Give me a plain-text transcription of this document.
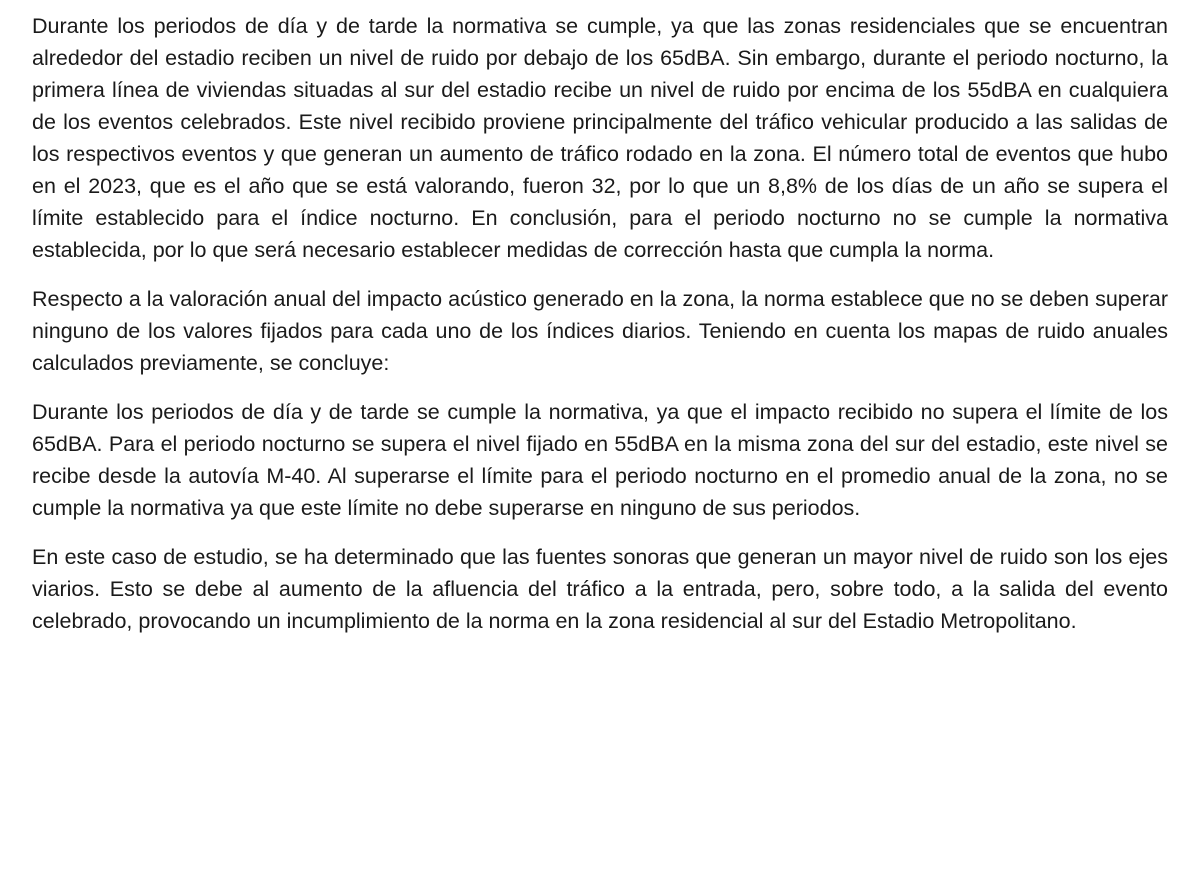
Durante los periodos de día y de tarde la normativa se cumple, ya que las zonas residenciales que se encuentran alrededor del estadio reciben un nivel de ruido por debajo de los 65dBA. Sin embargo, durante el periodo nocturno, la primera línea de viviendas situadas al sur del estadio recibe un nivel de ruido por encima de los 55dBA en cualquiera de los eventos celebrados. Este nivel recibido proviene principalmente del tráfico vehicular producido a las salidas de los respectivos eventos y que generan un aumento de tráfico rodado en la zona. El número total de eventos que hubo en el 2023, que es el año que se está valorando, fueron 32, por lo que un 8,8% de los días de un año se supera el límite establecido para el índice nocturno. En conclusión, para el periodo nocturno no se cumple la normativa establecida, por lo que será necesario establecer medidas de corrección hasta que cumpla la norma.

Respecto a la valoración anual del impacto acústico generado en la zona, la norma establece que no se deben superar ninguno de los valores fijados para cada uno de los índices diarios. Teniendo en cuenta los mapas de ruido anuales calculados previamente, se concluye:

Durante los periodos de día y de tarde se cumple la normativa, ya que el impacto recibido no supera el límite de los 65dBA. Para el periodo nocturno se supera el nivel fijado en 55dBA en la misma zona del sur del estadio, este nivel se recibe desde la autovía M-40. Al superarse el límite para el periodo nocturno en el promedio anual de la zona, no se cumple la normativa ya que este límite no debe superarse en ninguno de sus periodos.

En este caso de estudio, se ha determinado que las fuentes sonoras que generan un mayor nivel de ruido son los ejes viarios. Esto se debe al aumento de la afluencia del tráfico a la entrada, pero, sobre todo, a la salida del evento celebrado, provocando un incumplimiento de la norma en la zona residencial al sur del Estadio Metropolitano.
